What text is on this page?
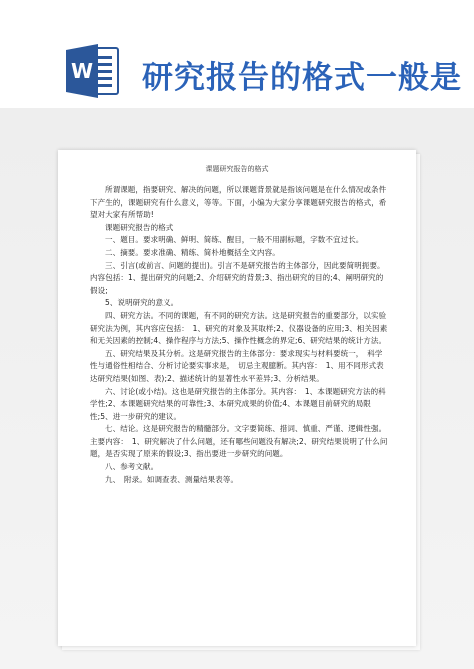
W 研究报告的格式一般是
课题研究报告的格式

所谓课题，指要研究、解决的问题，所以课题背景就是指该问题是在什么情况或条件下产生的，课题研究有什么意义，等等。下面，小编为大家分享课题研究报告的格式，希望对大家有所帮助!

课题研究报告的格式

一、题目。要求明确、鲜明、简练、醒目，一般不用副标题，字数不宜过长。

二、摘要。要求准确、精练、简朴地概括全文内容。

三、引言(或前言、问题的提出)。引言不是研究报告的主体部分，因此要简明扼要。　内容包括：1、提出研究的问题;2、介绍研究的背景;3、指出研究的目的;4、阐明研究的假设;

5、说明研究的意义。

四、研究方法。不同的课题，有不同的研究方法。这是研究报告的重要部分，以实验研究法为例，其内容应包括：　1、研究的对象及其取样;2、仪器设备的应用;3、相关因素和无关因素的控制;4、操作程序与方法;5、操作性概念的界定;6、研究结果的统计方法。

五、研究结果及其分析。这是研究报告的主体部分：要求现实与材料要统一，　科学性与通俗性相结合、分析讨论要实事求是，　切忌主观臆断。其内容：　1、用不同形式表达研究结果(如图、表);2、描述统计的显著性水平差异;3、分析结果。

六、讨论(或小结)。这也是研究报告的主体部分。其内容：　1、本课题研究方法的科学性;2、本课题研究结果的可靠性;3、本研究成果的价值;4、本课题目前研究的局限性;5、进一步研究的建议。

七、结论。这是研究报告的精髓部分。文字要简练、措词、慎重、严谨、逻辑性强。主要内容：　1、研究解决了什么问题，还有哪些问题没有解决;2、研究结果说明了什么问题，是否实现了原来的假设;3、指出要进一步研究的问题。

八、参考文献。

九、　附录。如调查表、测量结果表等。
